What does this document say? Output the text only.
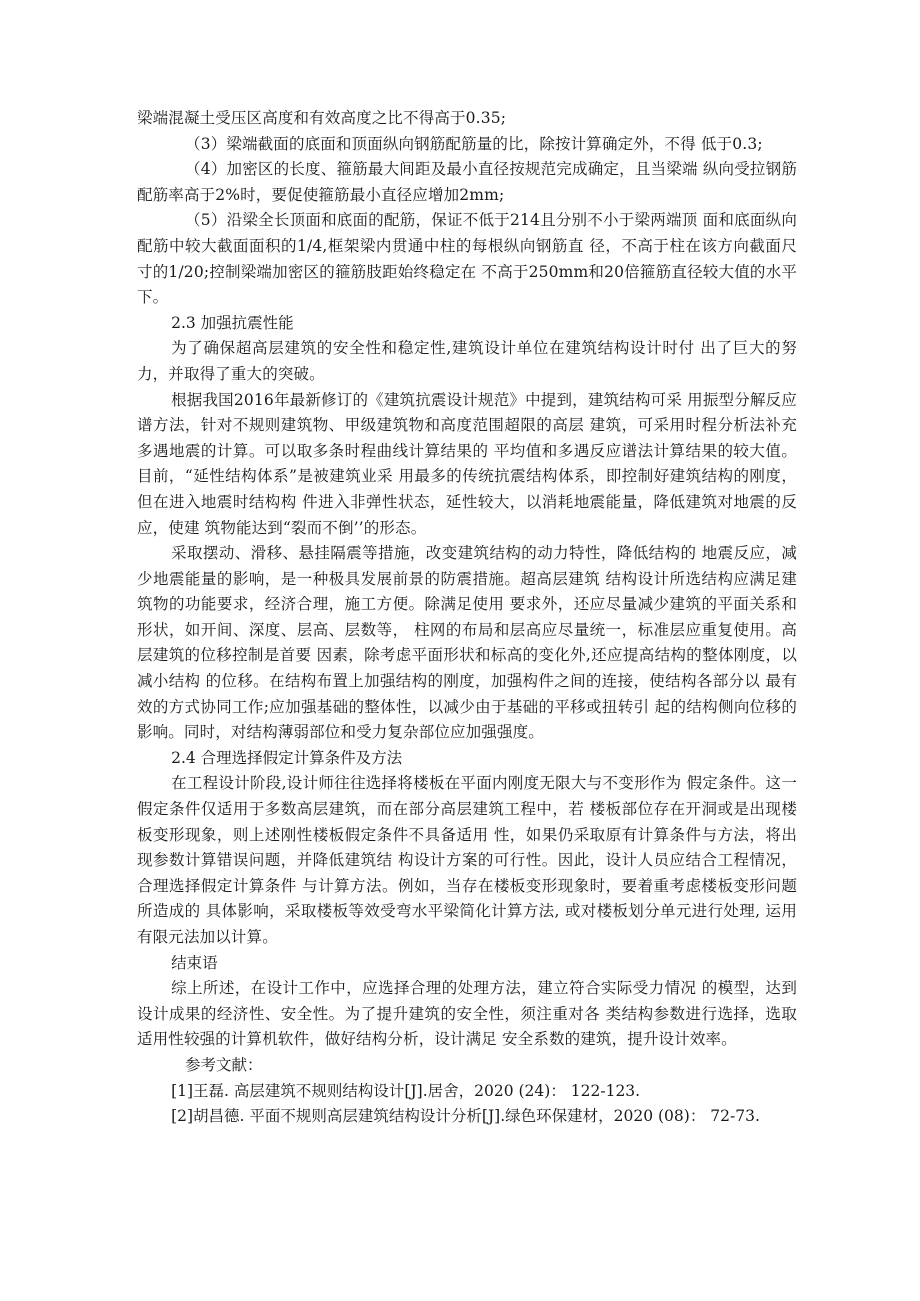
梁端混凝土受压区高度和有效高度之比不得高于0.35;

（3）梁端截面的底面和顶面纵向钢筋配筋量的比，除按计算确定外，不得 低于0.3;

（4）加密区的长度、箍筋最大间距及最小直径按规范完成确定，且当梁端 纵向受拉钢筋配筋率高于2%时，要促使箍筋最小直径应增加2mm;

（5）沿梁全长顶面和底面的配筋，保证不低于214且分别不小于梁两端顶 面和底面纵向配筋中较大截面面积的1/4,框架梁内贯通中柱的每根纵向钢筋直 径，不高于柱在该方向截面尺寸的1/20;控制梁端加密区的箍筋肢距始终稳定在 不高于250mm和20倍箍筋直径较大值的水平下。

2.3 加强抗震性能

为了确保超高层建筑的安全性和稳定性,建筑设计单位在建筑结构设计时付 出了巨大的努力，并取得了重大的突破。

根据我国2016年最新修订的《建筑抗震设计规范》中提到，建筑结构可采 用振型分解反应谱方法，针对不规则建筑物、甲级建筑物和高度范围超限的高层 建筑，可采用时程分析法补充多遇地震的计算。可以取多条时程曲线计算结果的 平均值和多遇反应谱法计算结果的较大值。目前，“延性结构体系”是被建筑业采 用最多的传统抗震结构体系，即控制好建筑结构的刚度，但在进入地震时结构构 件进入非弹性状态，延性较大，以消耗地震能量，降低建筑对地震的反应，使建 筑物能达到“裂而不倒’’的形态。

采取摆动、滑移、悬挂隔震等措施，改变建筑结构的动力特性，降低结构的 地震反应，减少地震能量的影响，是一种极具发展前景的防震措施。超高层建筑 结构设计所选结构应满足建筑物的功能要求，经济合理，施工方便。除满足使用 要求外，还应尽量减少建筑的平面关系和形状，如开间、深度、层高、层数等， 柱网的布局和层高应尽量统一，标准层应重复使用。高层建筑的位移控制是首要 因素，除考虑平面形状和标高的变化外,还应提高结构的整体刚度，以减小结构 的位移。在结构布置上加强结构的刚度，加强构件之间的连接，使结构各部分以 最有效的方式协同工作;应加强基础的整体性，以减少由于基础的平移或扭转引 起的结构侧向位移的影响。同时，对结构薄弱部位和受力复杂部位应加强强度。

2.4 合理选择假定计算条件及方法

在工程设计阶段,设计师往往选择将楼板在平面内刚度无限大与不变形作为 假定条件。这一假定条件仅适用于多数高层建筑，而在部分高层建筑工程中，若 楼板部位存在开洞或是出现楼板变形现象，则上述刚性楼板假定条件不具备适用 性，如果仍采取原有计算条件与方法，将出现参数计算错误问题，并降低建筑结 构设计方案的可行性。因此，设计人员应结合工程情况，合理选择假定计算条件 与计算方法。例如，当存在楼板变形现象时，要着重考虑楼板变形问题所造成的 具体影响，采取楼板等效受弯水平梁简化计算方法, 或对楼板划分单元进行处理, 运用有限元法加以计算。

结束语

综上所述，在设计工作中，应选择合理的处理方法，建立符合实际受力情况 的模型，达到设计成果的经济性、安全性。为了提升建筑的安全性，须注重对各 类结构参数进行选择，选取适用性较强的计算机软件，做好结构分析，设计满足 安全系数的建筑，提升设计效率。

参考文献：

[1]王磊. 高层建筑不规则结构设计[J].居舍，2020 (24)： 122-123.

[2]胡昌德. 平面不规则高层建筑结构设计分析[J].绿色环保建材，2020 (08)： 72-73.
